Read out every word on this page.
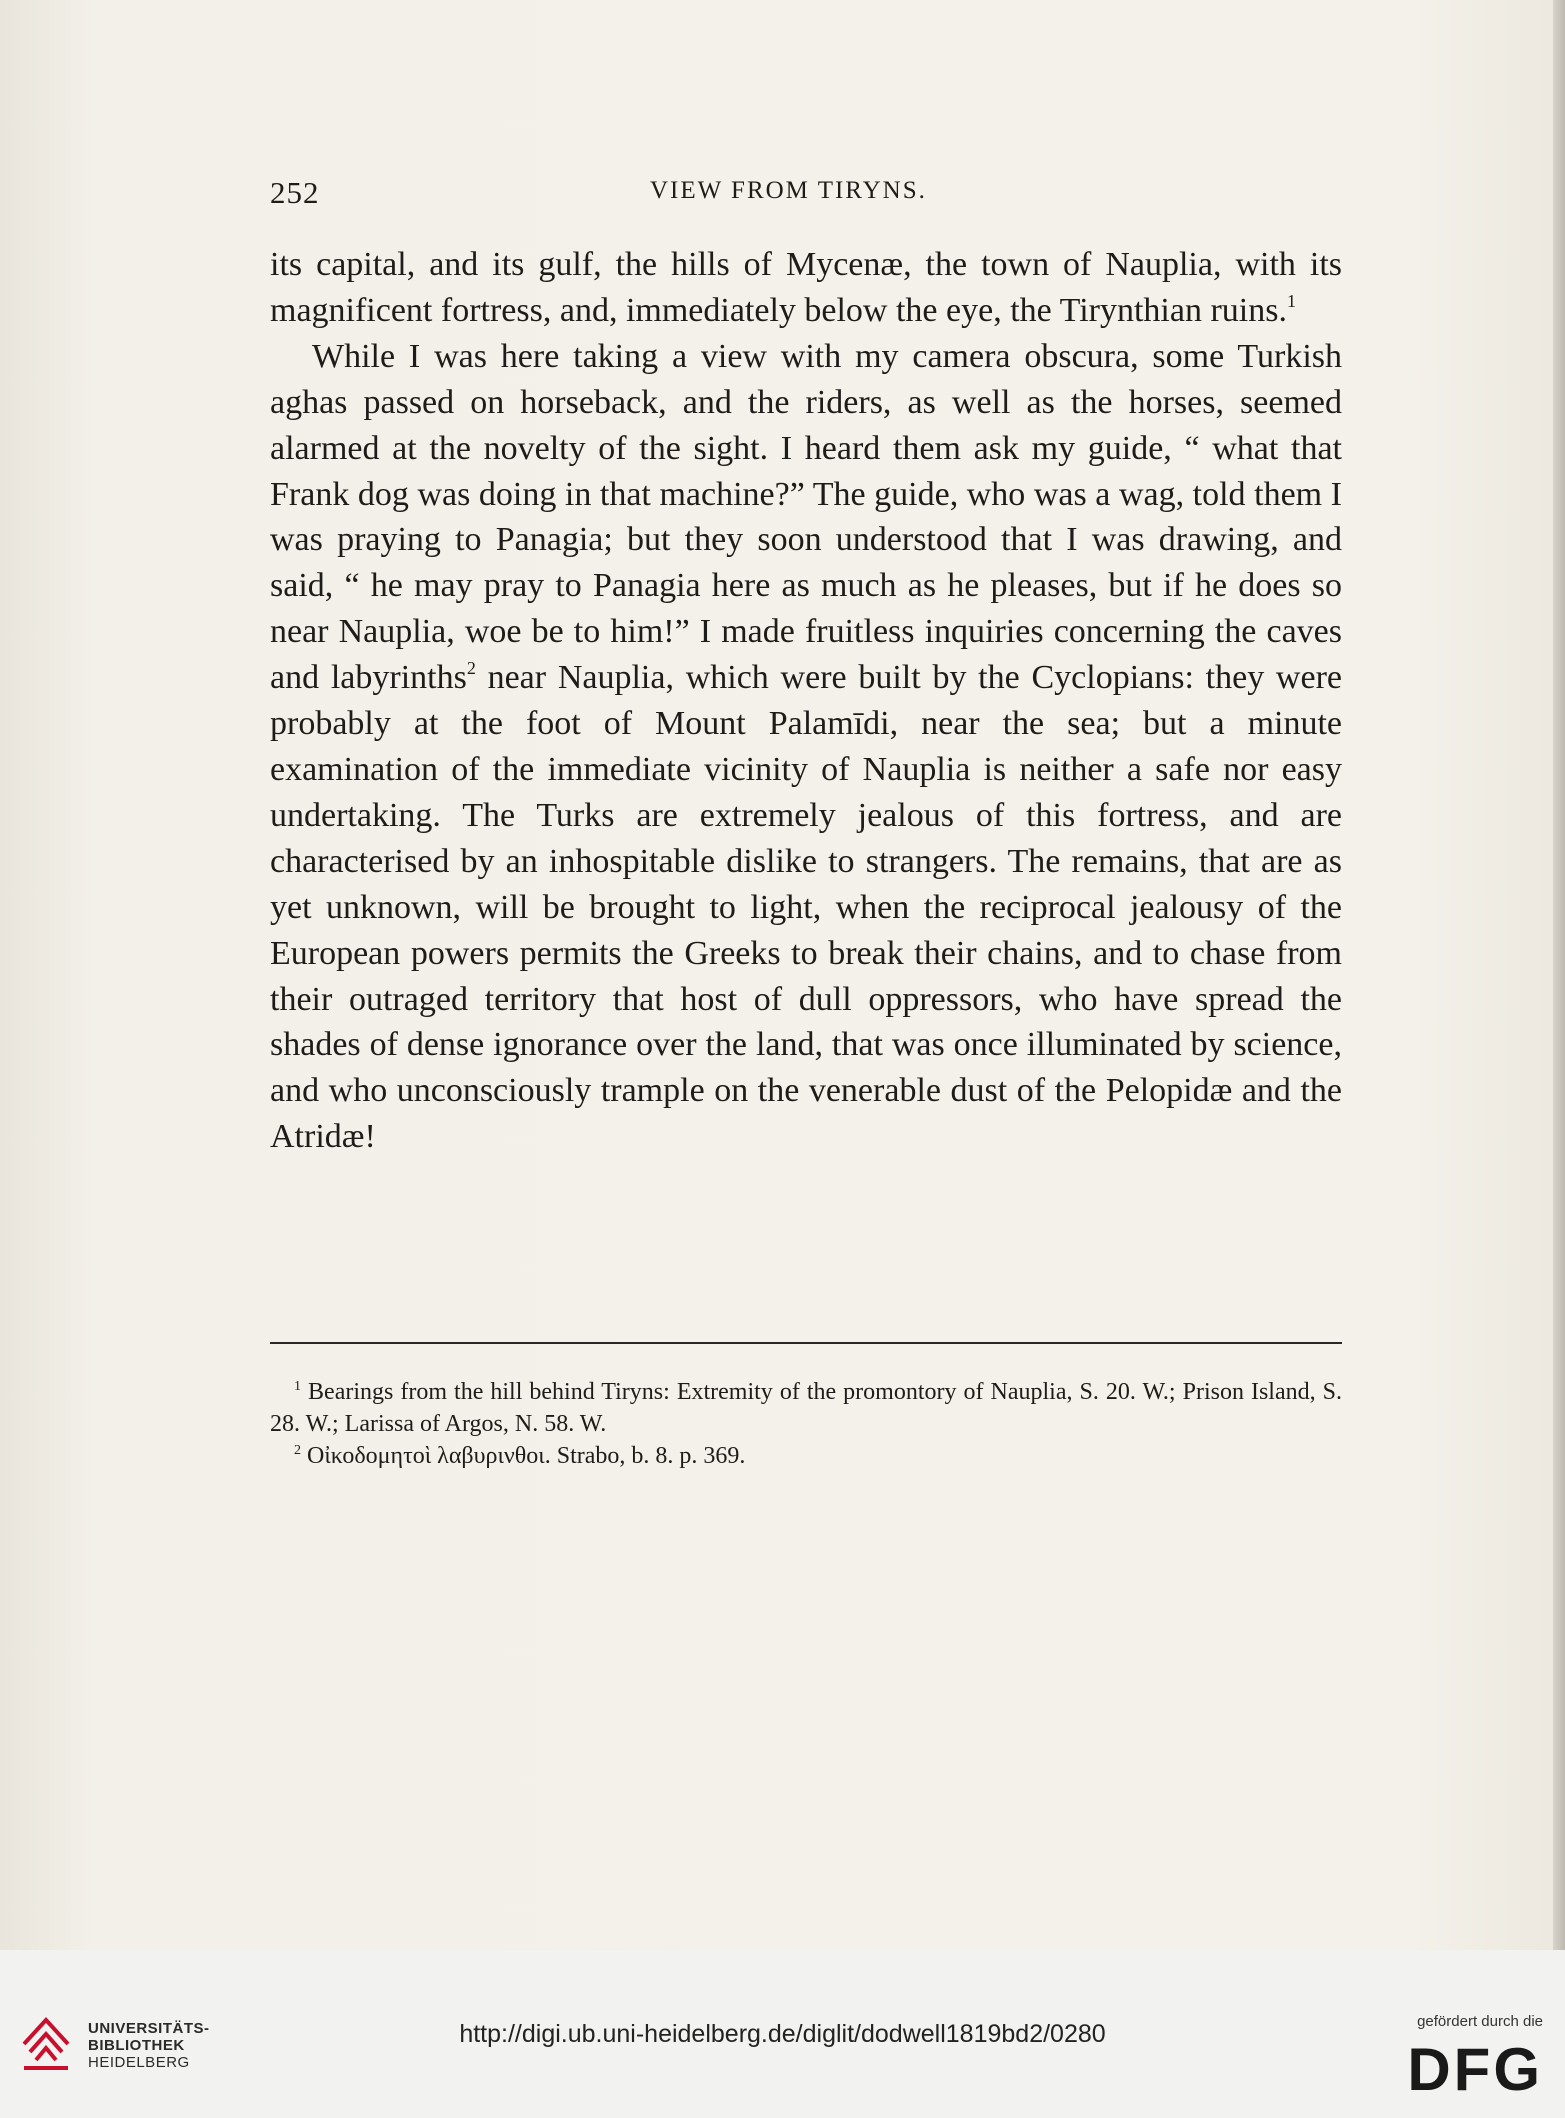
252	VIEW FROM TIRYNS.

its capital, and its gulf, the hills of Mycenæ, the town of Nauplia, with its magnificent fortress, and, immediately below the eye, the Tirynthian ruins.$^1$

While I was here taking a view with my camera obscura, some Turkish aghas passed on horseback, and the riders, as well as the horses, seemed alarmed at the novelty of the sight. I heard them ask my guide, “ what that Frank dog was doing in that machine?” The guide, who was a wag, told them I was praying to Panagia; but they soon understood that I was drawing, and said, “ he may pray to Panagia here as much as he pleases, but if he does so near Nauplia, woe be to him!” I made fruitless inquiries concerning the caves and labyrinths$^2$ near Nauplia, which were built by the Cyclopians: they were probably at the foot of Mount Palamīdi, near the sea; but a minute examination of the immediate vicinity of Nauplia is neither a safe nor easy undertaking. The Turks are extremely jealous of this fortress, and are characterised by an inhospitable dislike to strangers. The remains, that are as yet unknown, will be brought to light, when the reciprocal jealousy of the European powers permits the Greeks to break their chains, and to chase from their outraged territory that host of dull oppressors, who have spread the shades of dense ignorance over the land, that was once illuminated by science, and who unconsciously trample on the venerable dust of the Pelopidæ and the Atridæ!

$^1$ Bearings from the hill behind Tiryns: Extremity of the promontory of Nauplia, S. 20. W.; Prison Island, S. 28. W.; Larissa of Argos, N. 58. W.

$^2$ Οἰκοδομητοὶ λαβυρινθοι. Strabo, b. 8. p. 369.

UNIVERSITÄTS-
BIBLIOTHEK
HEIDELBERG
http://digi.ub.uni-heidelberg.de/diglit/dodwell1819bd2/0280	gefördert durch die
DFG
